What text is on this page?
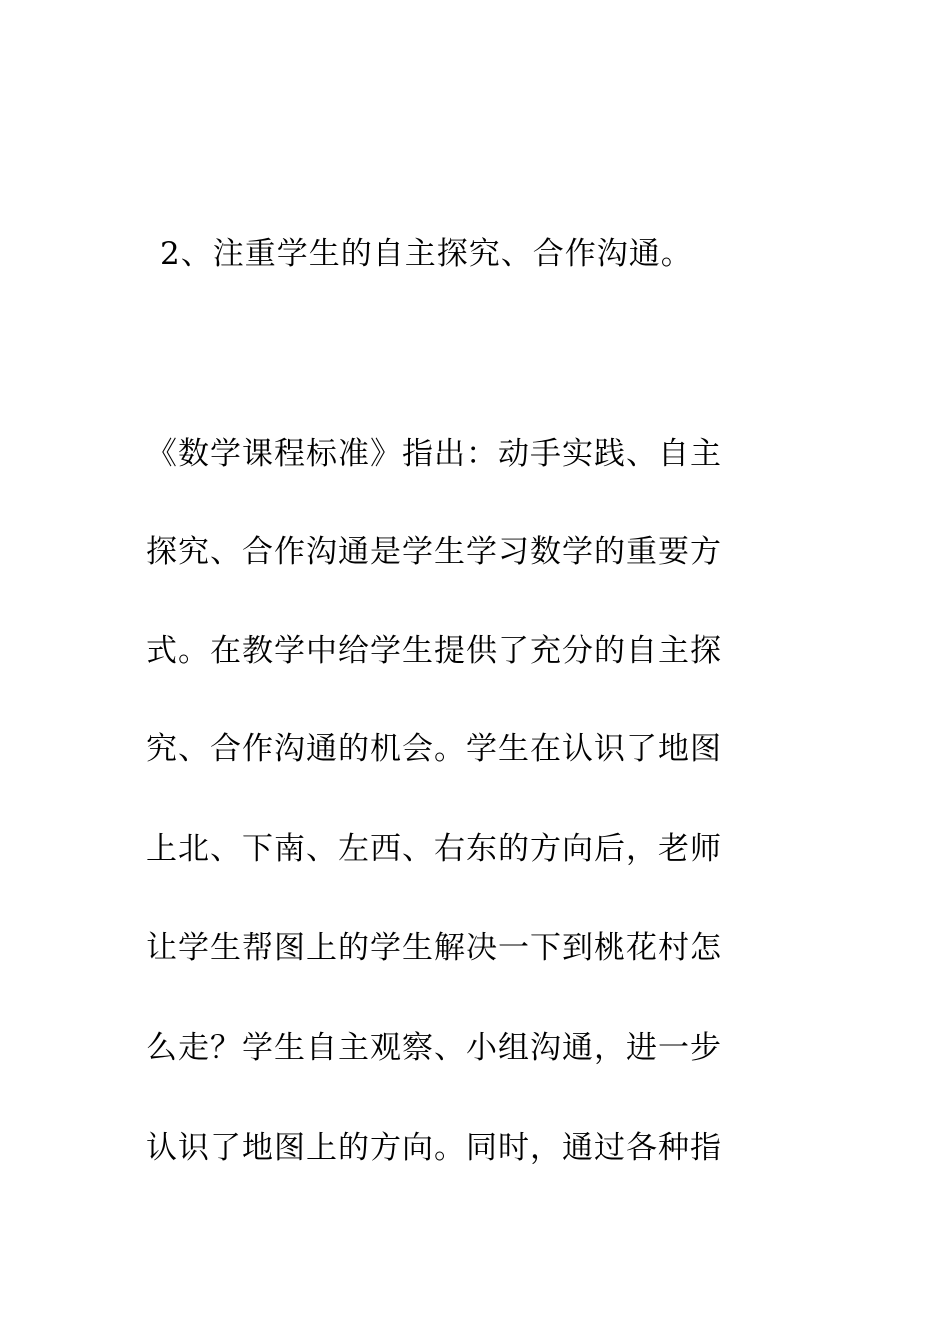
2、注重学生的自主探究、合作沟通。
《数学课程标准》指出：动手实践、自主
探究、合作沟通是学生学习数学的重要方
式。在教学中给学生提供了充分的自主探
究、合作沟通的机会。学生在认识了地图
上北、下南、左西、右东的方向后，老师
让学生帮图上的学生解决一下到桃花村怎
么走？学生自主观察、小组沟通，进一步
认识了地图上的方向。同时，通过各种指
